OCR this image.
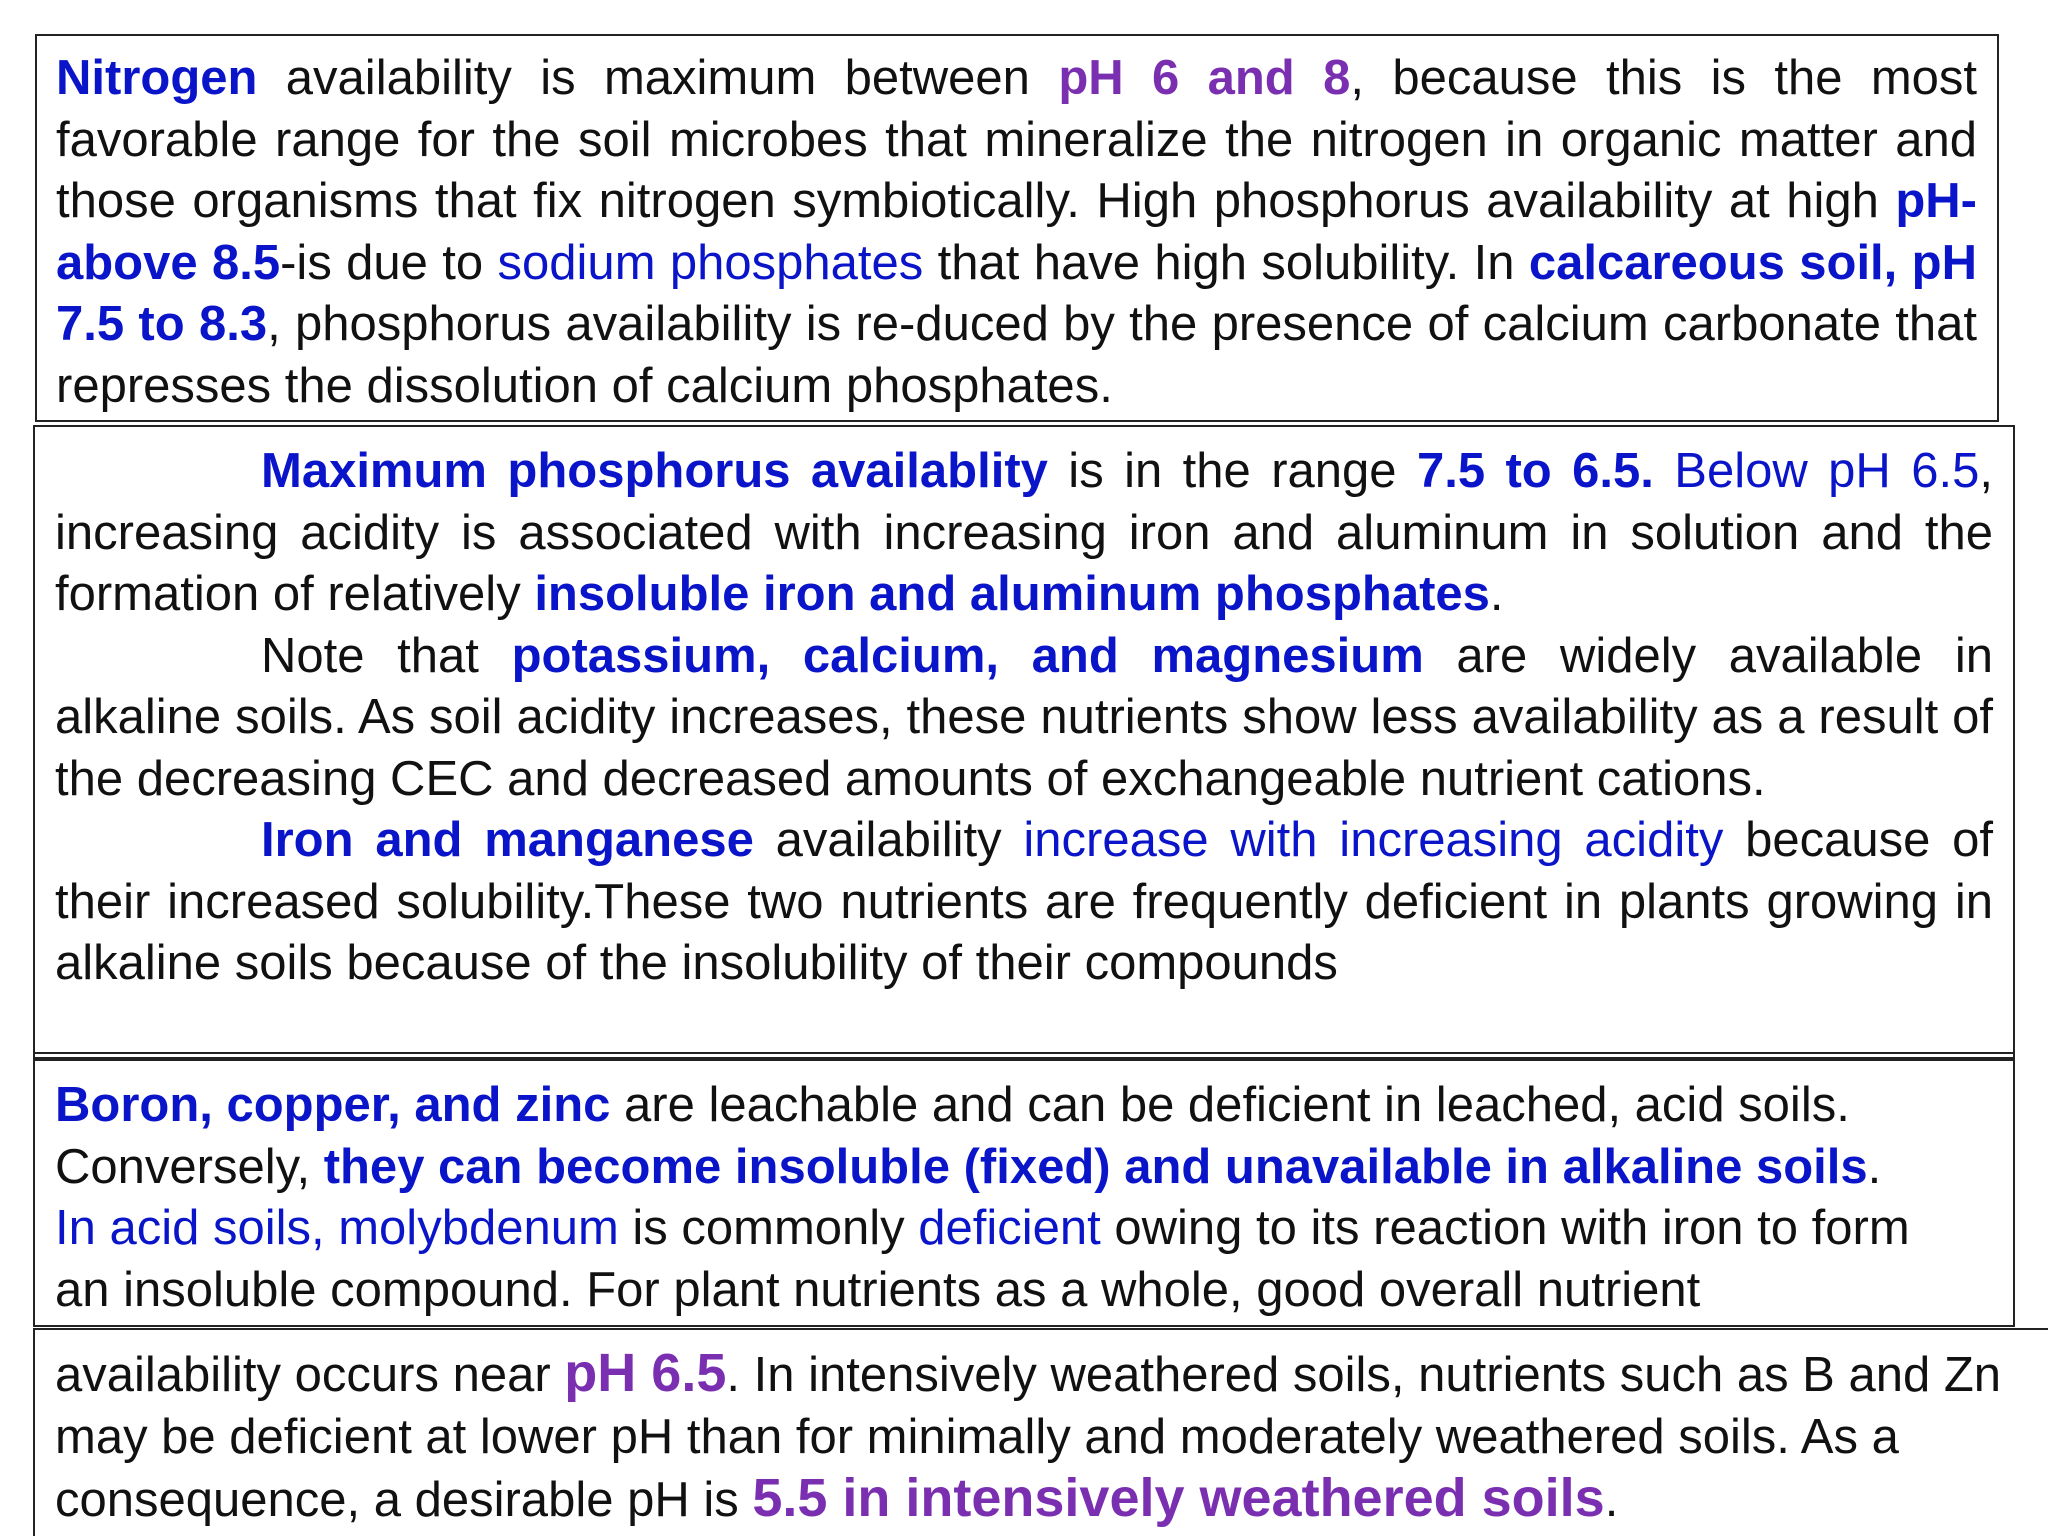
Nitrogen availability is maximum between pH 6 and 8, because this is the most favorable range for the soil microbes that mineralize the nitrogen in organic matter and those organisms that fix nitrogen symbiotically. High phosphorus availability at high pH-above 8.5-is due to sodium phosphates that have high solubility. In calcareous soil, pH 7.5 to 8.3, phosphorus availability is re-duced by the presence of calcium carbonate that represses the dissolution of calcium phosphates.

Maximum phosphorus availablity is in the range 7.5 to 6.5. Below pH 6.5, increasing acidity is associated with increasing iron and aluminum in solution and the formation of relatively insoluble iron and aluminum phosphates.

Note that potassium, calcium, and magnesium are widely available in alkaline soils. As soil acidity increases, these nutrients show less availability as a result of the decreasing CEC and decreased amounts of exchangeable nutrient cations.

Iron and manganese availability increase with increasing acidity because of their increased solubility.These two nutrients are frequently deficient in plants growing in alkaline soils because of the insolubility of their compounds

Boron, copper, and zinc are leachable and can be deficient in leached, acid soils.

Conversely, they can become insoluble (fixed) and unavailable in alkaline soils.

In acid soils, molybdenum is commonly deficient owing to its reaction with iron to form

an insoluble compound. For plant nutrients as a whole, good overall nutrient

availability occurs near pH 6.5. In intensively weathered soils, nutrients such as B and Zn may be deficient at lower pH than for minimally and moderately weathered soils. As a consequence, a desirable pH is 5.5 in intensively weathered soils.
